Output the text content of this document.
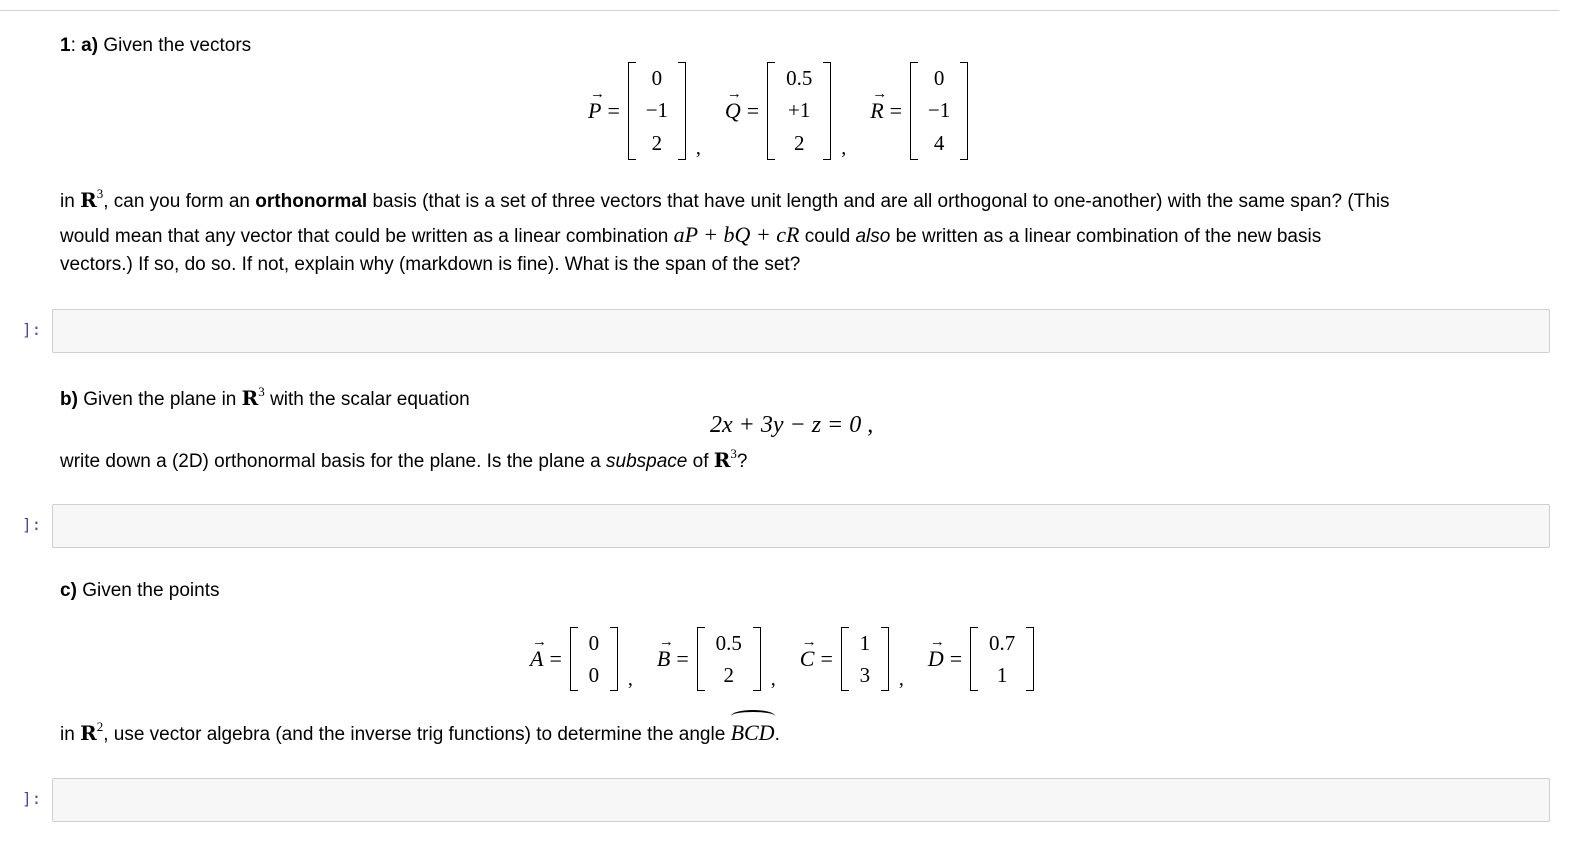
1: a) Given the vectors
→
P =
0
−1
2	,
→
Q =
0.5
+1
2	,
→
R =
0
−1
4
in $R^3$, can you form an orthonormal basis (that is a set of three vectors that have unit length and are all orthogonal to one-another) with the same span? (This
would mean that any vector that could be written as a linear combination aP + bQ + cR could also be written as a linear combination of the new basis
vectors.) If so, do so. If not, explain why (markdown is fine). What is the span of the set?
]:
b) Given the plane in $R^3$ with the scalar equation
2x + 3y − z = 0 ,
write down a (2D) orthonormal basis for the plane. Is the plane a subspace of $R^3$?
]:
c) Given the points
→
A =
0
0 ,
→
B =
0.5
2	,
→
C =
1
3 ,
→
D =
0.7
1
in $R^2$, use vector algebra (and the inverse trig functions) to determine the angle
BCD.
]:
